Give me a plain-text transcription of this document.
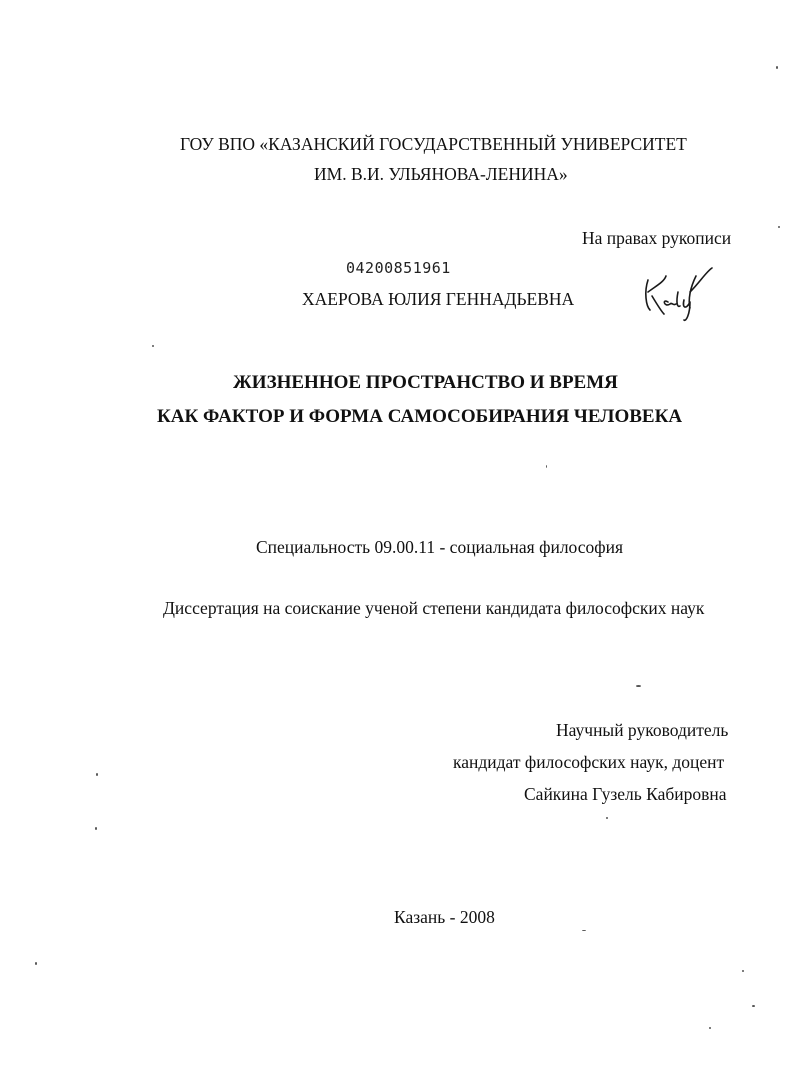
ГОУ ВПО «КАЗАНСКИЙ ГОСУДАРСТВЕННЫЙ УНИВЕРСИТЕТ
ИМ. В.И. УЛЬЯНОВА-ЛЕНИНА»
На правах рукописи
04200851961
ХАЕРОВА ЮЛИЯ ГЕННАДЬЕВНА
ЖИЗНЕННОЕ ПРОСТРАНСТВО И ВРЕМЯ
КАК ФАКТОР И ФОРМА САМОСОБИРАНИЯ ЧЕЛОВЕКА
Специальность 09.00.11 - социальная философия
Диссертация на соискание ученой степени кандидата философских наук
Научный руководитель
кандидат философских наук, доцент
Сайкина Гузель Кабировна
Казань - 2008
